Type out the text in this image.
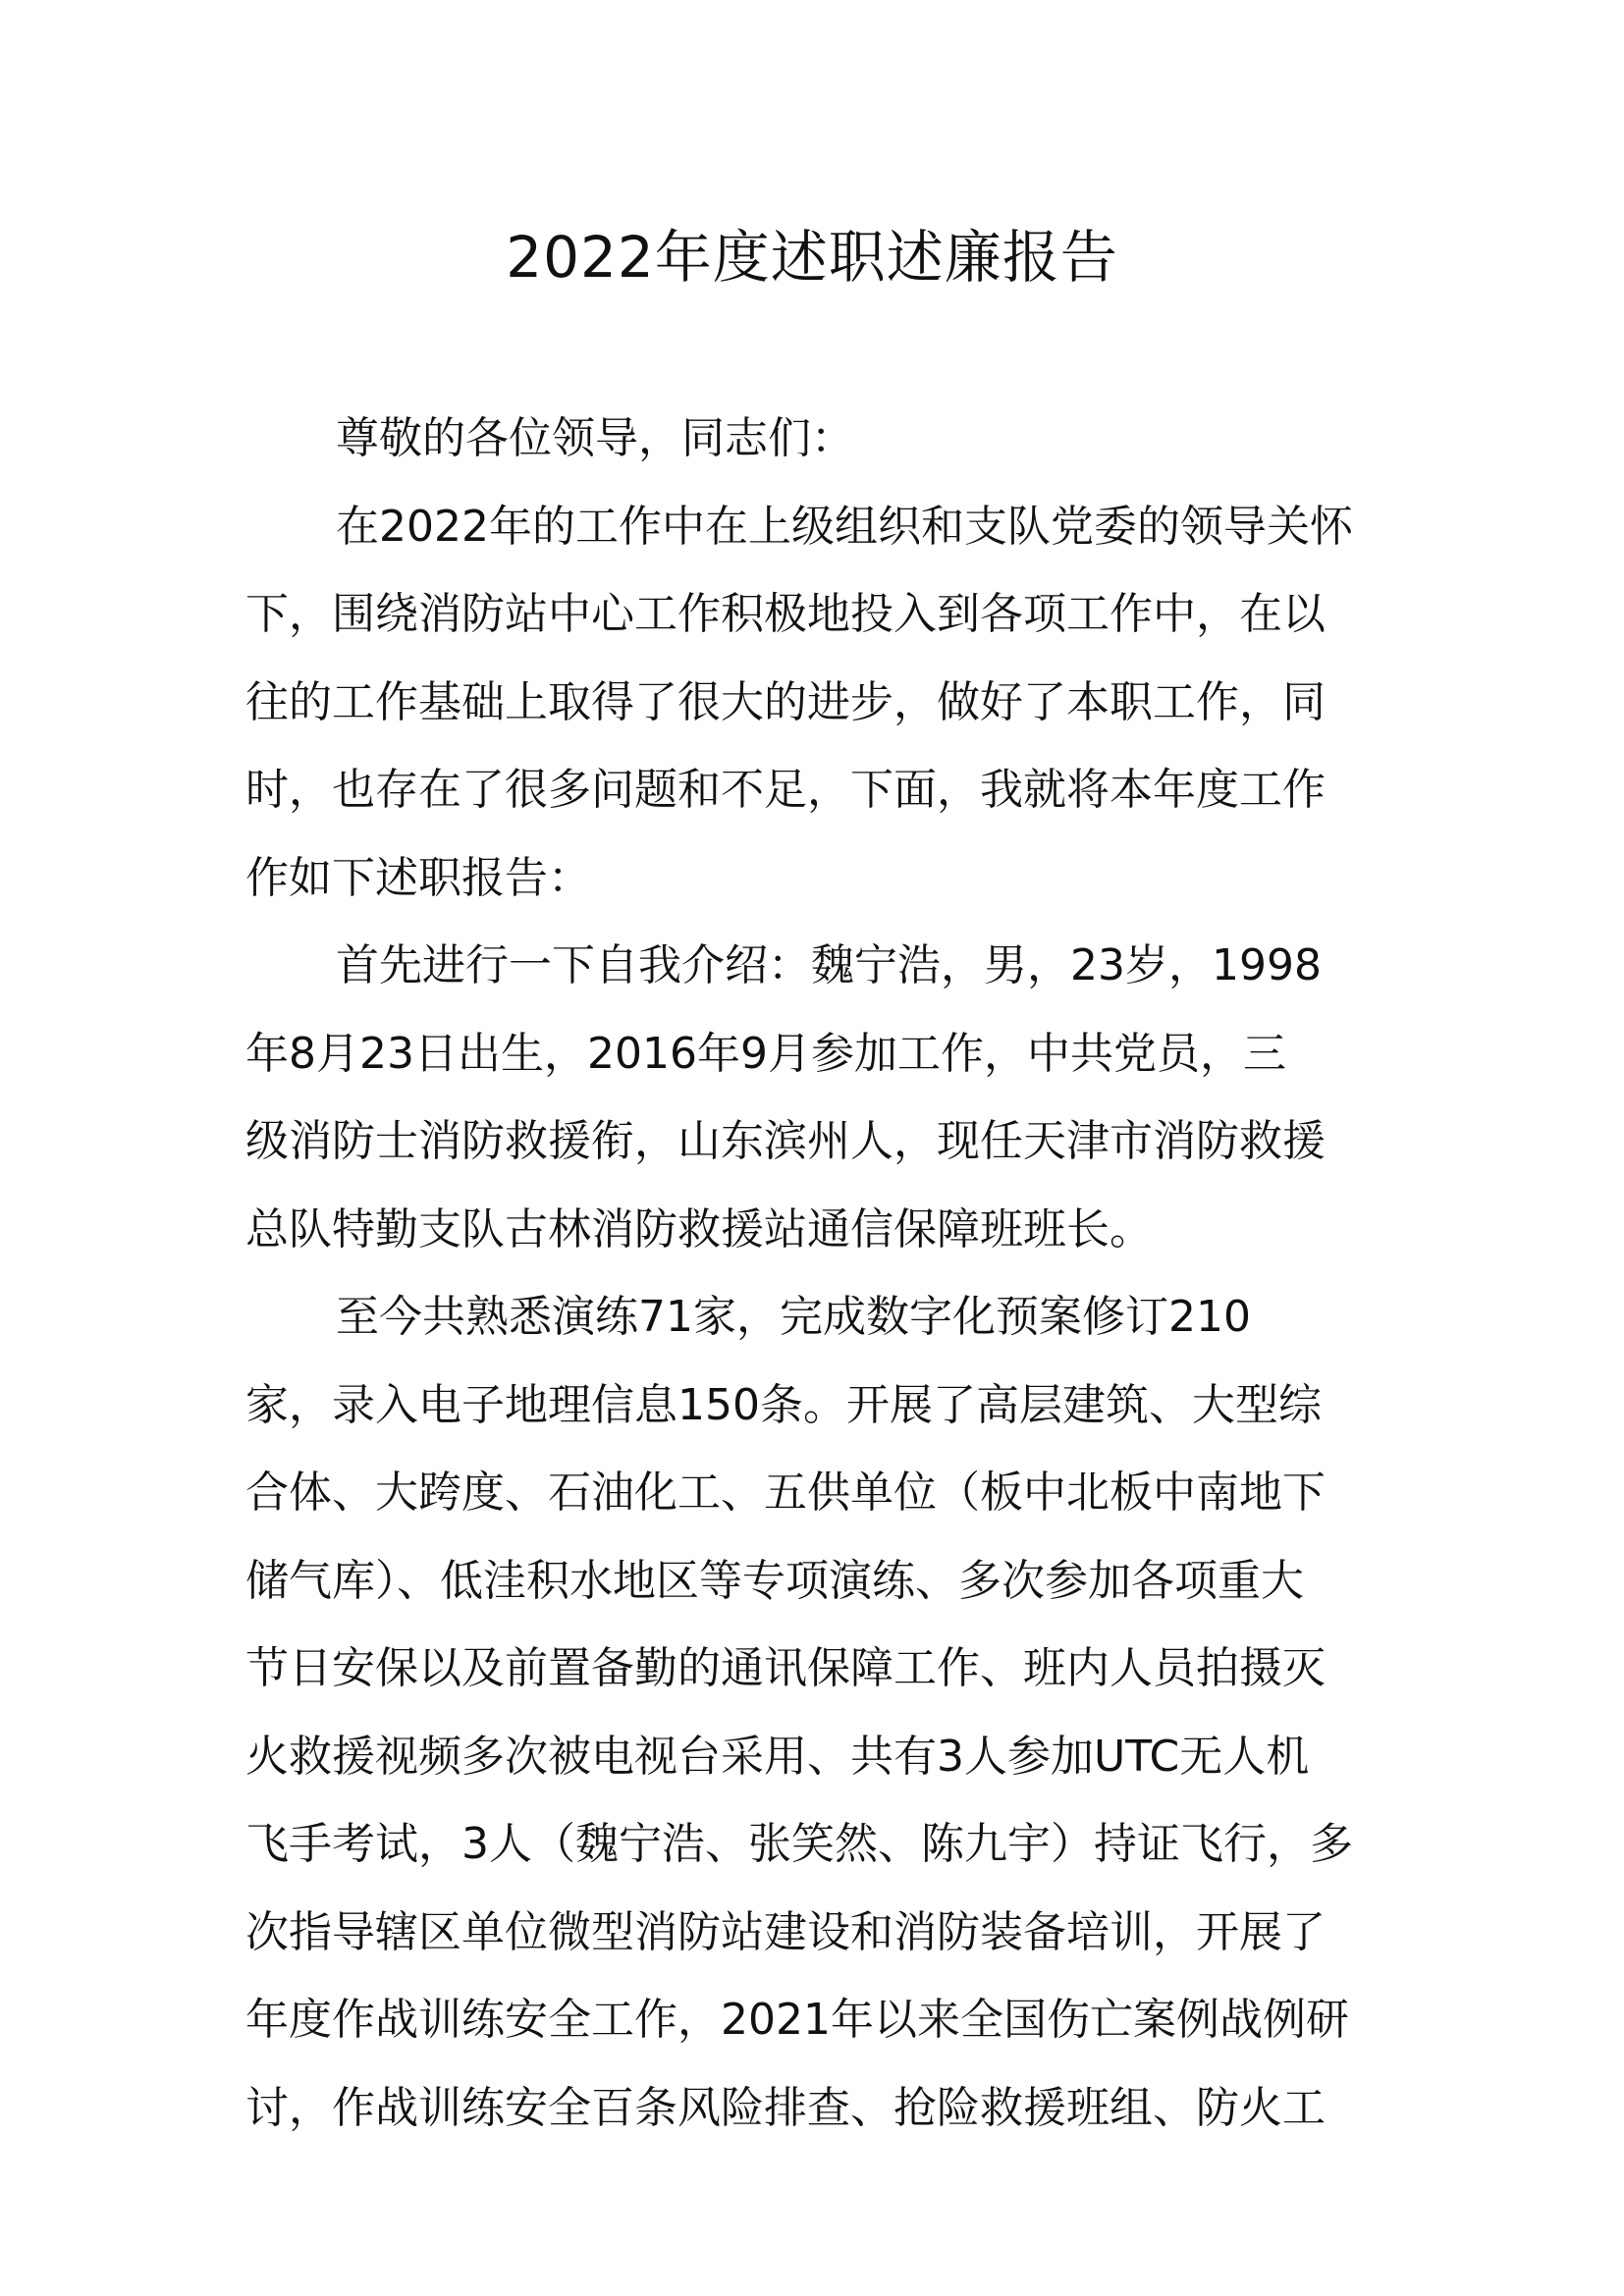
2022年度述职述廉报告
尊敬的各位领导，同志们：
在2022年的工作中在上级组织和支队党委的领导关怀
下，围绕消防站中心工作积极地投入到各项工作中，在以
往的工作基础上取得了很大的进步，做好了本职工作，同
时，也存在了很多问题和不足，下面，我就将本年度工作
作如下述职报告：
首先进行一下自我介绍：魏宁浩，男，23岁，1998
年8月23日出生，2016年9月参加工作，中共党员，三
级消防士消防救援衔，山东滨州人，现任天津市消防救援
总队特勤支队古林消防救援站通信保障班班长。
至今共熟悉演练71家，完成数字化预案修订210
家，录入电子地理信息150条。开展了高层建筑、大型综
合体、大跨度、石油化工、五供单位（板中北板中南地下
储气库）、低洼积水地区等专项演练、多次参加各项重大
节日安保以及前置备勤的通讯保障工作、班内人员拍摄灭
火救援视频多次被电视台采用、共有3人参加UTC无人机
飞手考试，3人（魏宁浩、张笑然、陈九宇）持证飞行，多
次指导辖区单位微型消防站建设和消防装备培训，开展了
年度作战训练安全工作，2021年以来全国伤亡案例战例研
讨，作战训练安全百条风险排查、抢险救援班组、防火工
